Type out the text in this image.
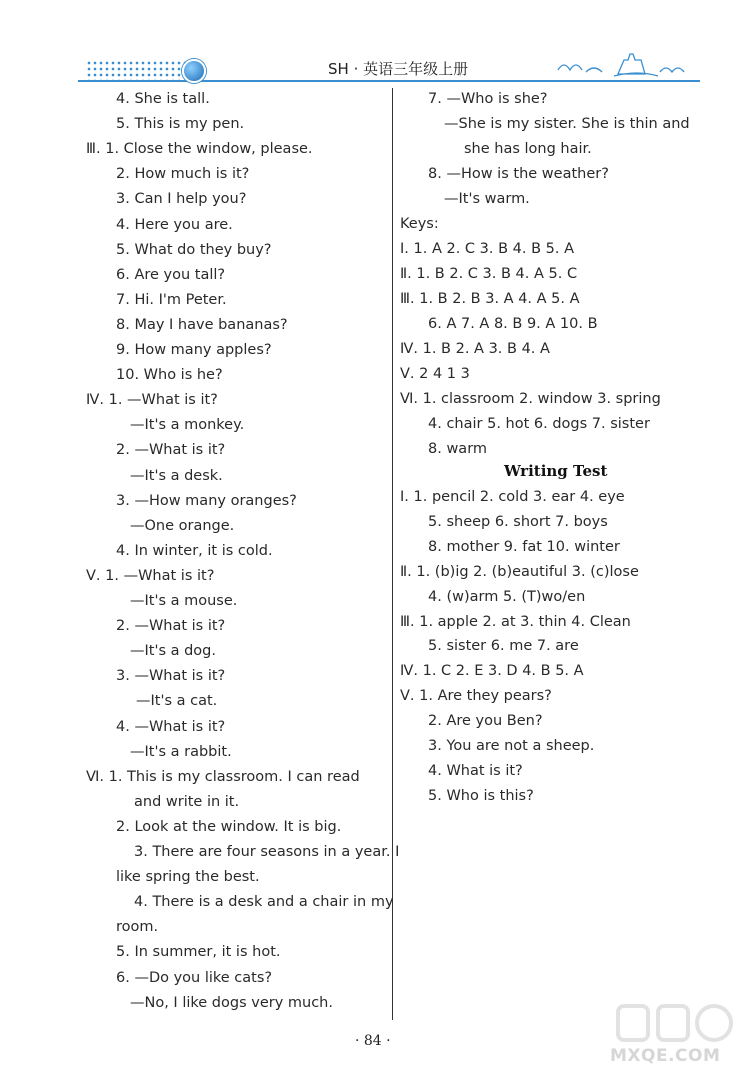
SH · 英语三年级上册
4. She is tall.
5. This is my pen.
Ⅲ. 1. Close the window, please.
2. How much is it?
3. Can I help you?
4. Here you are.
5. What do they buy?
6. Are you tall?
7. Hi. I'm Peter.
8. May I have bananas?
9. How many apples?
10. Who is he?
Ⅳ. 1. —What is it?
—It's a monkey.
2. —What is it?
—It's a desk.
3. —How many oranges?
—One orange.
4. In winter, it is cold.
Ⅴ. 1. —What is it?
—It's a mouse.
2. —What is it?
—It's a dog.
3. —What is it?
—It's a cat.
4. —What is it?
—It's a rabbit.
Ⅵ. 1. This is my classroom. I can read
and write in it.
2. Look at the window. It is big.
3. There are four seasons in a year. I
like spring the best.
4. There is a desk and a chair in my
room.
5. In summer, it is hot.
6. —Do you like cats?
—No, I like dogs very much.
7. —Who is she?
—She is my sister. She is thin and
she has long hair.
8. —How is the weather?
—It's warm.
Keys:
Ⅰ. 1. A 2. C 3. B 4. B 5. A
Ⅱ. 1. B 2. C 3. B 4. A 5. C
Ⅲ. 1. B 2. B 3. A 4. A 5. A
6. A 7. A 8. B 9. A 10. B
Ⅳ. 1. B 2. A 3. B 4. A
Ⅴ. 2 4 1 3
Ⅵ. 1. classroom 2. window 3. spring
4. chair 5. hot 6. dogs 7. sister
8. warm
Writing Test
Ⅰ. 1. pencil 2. cold 3. ear 4. eye
5. sheep 6. short 7. boys
8. mother 9. fat 10. winter
Ⅱ. 1. (b)ig 2. (b)eautiful 3. (c)lose
4. (w)arm 5. (T)wo/en
Ⅲ. 1. apple 2. at 3. thin 4. Clean
5. sister 6. me 7. are
Ⅳ. 1. C 2. E 3. D 4. B 5. A
Ⅴ. 1. Are they pears?
2. Are you Ben?
3. You are not a sheep.
4. What is it?
5. Who is this?
· 84 ·
MXQE.COM
